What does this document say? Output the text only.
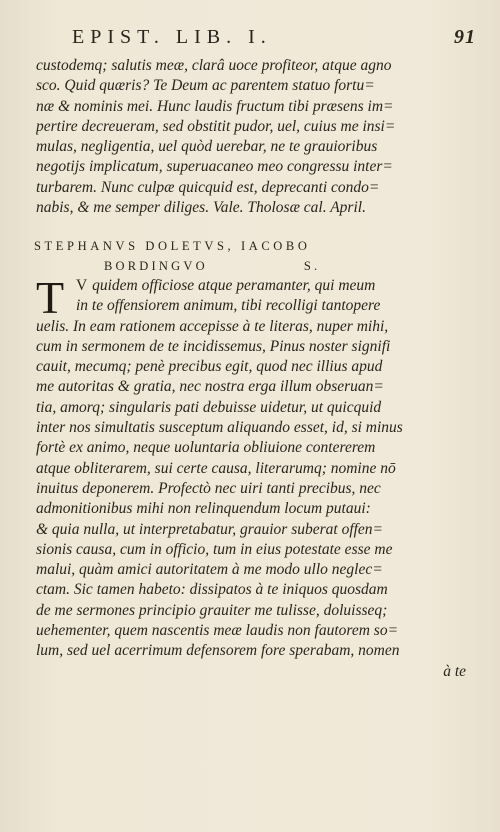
EPIST. LIB. I.	91
custodemq; salutis meæ, clarâ uoce profiteor, atque agno
sco. Quid quæris? Te Deum ac parentem statuo fortu=
næ & nominis mei. Hunc laudis fructum tibi præsens im=
pertire decreueram, sed obstitit pudor, uel, cuius me insi=
mulas, negligentia, uel quòd uerebar, ne te grauioribus
negotijs implicatum, superuacaneo meo congressu inter=
turbarem. Nunc culpæ quicquid est, deprecanti condo=
nabis, & me semper diliges. Vale. Tholosæ cal. April.
STEPHANVS DOLETVS, IACOBO
BORDINGVO	S.
T V quidem officiose atque peramanter, qui meum
in te offensiorem animum, tibi recolligi tantopere
uelis. In eam rationem accepisse à te literas, nuper mihi,
cum in sermonem de te incidissemus, Pinus noster signifi
cauit, mecumq; penè precibus egit, quod nec illius apud
me autoritas & gratia, nec nostra erga illum obseruan=
tia, amorq; singularis pati debuisse uidetur, ut quicquid
inter nos simultatis susceptum aliquando esset, id, si minus
fortè ex animo, neque uoluntaria obliuione contererem
atque obliterarem, sui certe causa, literarumq; nomine nō
inuitus deponerem. Profectò nec uiri tanti precibus, nec
admonitionibus mihi non relinquendum locum putaui:
& quia nulla, ut interpretabatur, grauior suberat offen=
sionis causa, cum in officio, tum in eius potestate esse me
malui, quàm amici autoritatem à me modo ullo neglec=
ctam. Sic tamen habeto: dissipatos à te iniquos quosdam
de me sermones principio grauiter me tulisse, doluisseq;
uehementer, quem nascentis meæ laudis non fautorem so=
lum, sed uel acerrimum defensorem fore sperabam, nomen
à te
